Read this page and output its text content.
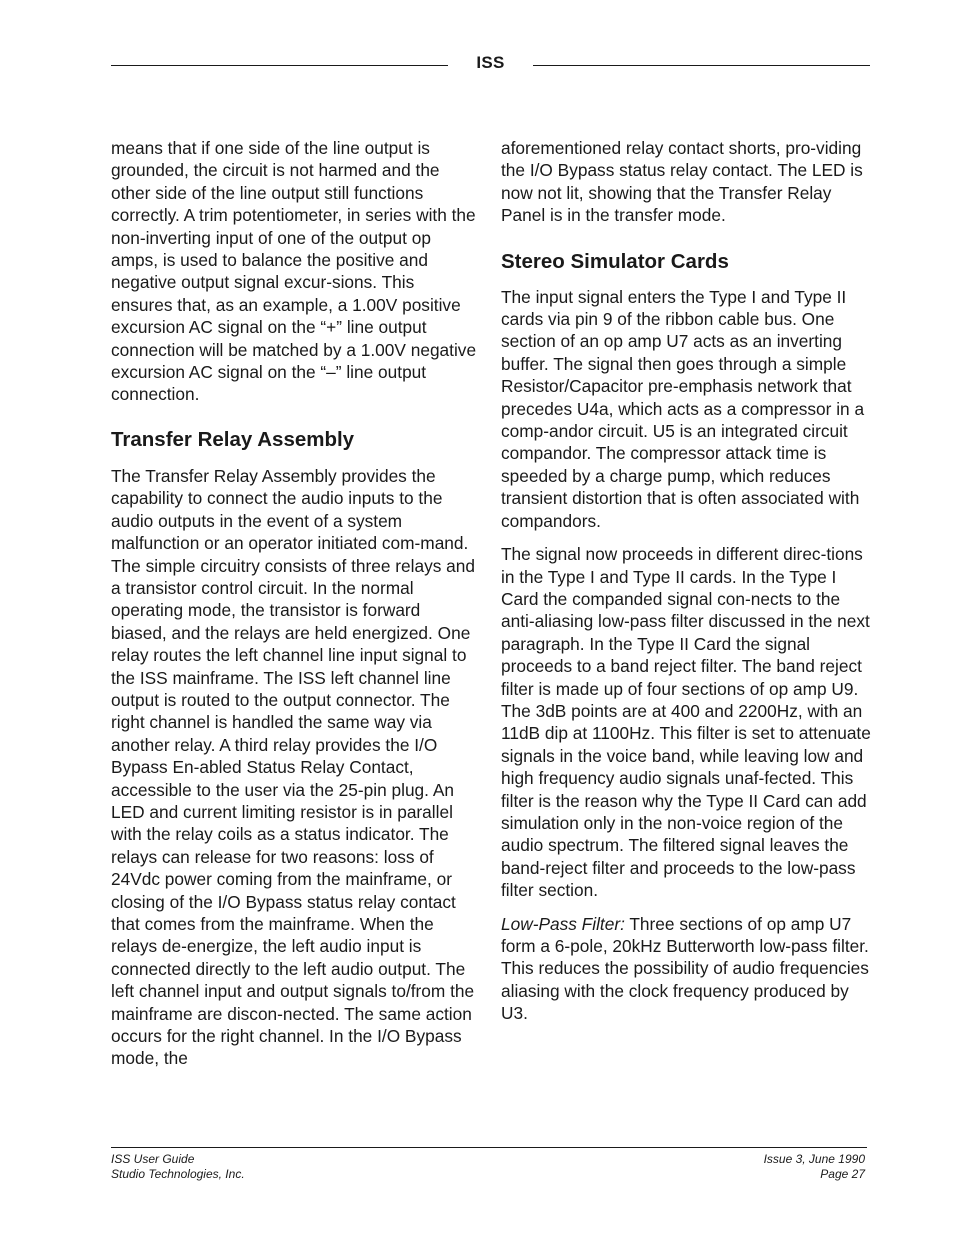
ISS

means that if one side of the line output is grounded, the circuit is not harmed and the other side of the line output still functions correctly. A trim potentiometer, in series with the non-inverting input of one of the output op amps, is used to balance the positive and negative output signal excur-sions. This ensures that, as an example, a 1.00V positive excursion AC signal on the “+” line output connection will be matched by a 1.00V negative excursion AC signal on the “–” line output connection.

Transfer Relay Assembly

The Transfer Relay Assembly provides the capability to connect the audio inputs to the audio outputs in the event of a system malfunction or an operator initiated com-mand. The simple circuitry consists of three relays and a transistor control circuit. In the normal operating mode, the transistor is forward biased, and the relays are held energized. One relay routes the left channel line input signal to the ISS mainframe. The ISS left channel line output is routed to the output connector. The right channel is handled the same way via another relay. A third relay provides the I/O Bypass En-abled Status Relay Contact, accessible to the user via the 25-pin plug. An LED and current limiting resistor is in parallel with the relay coils as a status indicator. The relays can release for two reasons: loss of 24Vdc power coming from the mainframe, or closing of the I/O Bypass status relay contact that comes from the mainframe. When the relays de-energize, the left audio input is connected directly to the left audio output. The left channel input and output signals to/from the mainframe are discon-nected. The same action occurs for the right channel. In the I/O Bypass mode, the

aforementioned relay contact shorts, pro-viding the I/O Bypass status relay contact. The LED is now not lit, showing that the Transfer Relay Panel is in the transfer mode.

Stereo Simulator Cards

The input signal enters the Type I and Type II cards via pin 9 of the ribbon cable bus. One section of an op amp U7 acts as an inverting buffer. The signal then goes through a simple Resistor/Capacitor pre-emphasis network that precedes U4a, which acts as a compressor in a comp-andor circuit. U5 is an integrated circuit compandor. The compressor attack time is speeded by a charge pump, which reduces transient distortion that is often associated with compandors.

The signal now proceeds in different direc-tions in the Type I and Type II cards. In the Type I Card the companded signal con-nects to the anti-aliasing low-pass filter discussed in the next paragraph. In the Type II Card the signal proceeds to a band reject filter. The band reject filter is made up of four sections of op amp U9. The 3dB points are at 400 and 2200Hz, with an 11dB dip at 1100Hz. This filter is set to attenuate signals in the voice band, while leaving low and high frequency audio signals unaf-fected. This filter is the reason why the Type II Card can add simulation only in the non-voice region of the audio spectrum. The filtered signal leaves the band-reject filter and proceeds to the low-pass filter section.

Low-Pass Filter: Three sections of op amp U7 form a 6-pole, 20kHz Butterworth low-pass filter. This reduces the possibility of audio frequencies aliasing with the clock frequency produced by U3.

ISS User Guide
Studio Technologies, Inc.
Issue 3, June 1990
Page 27
